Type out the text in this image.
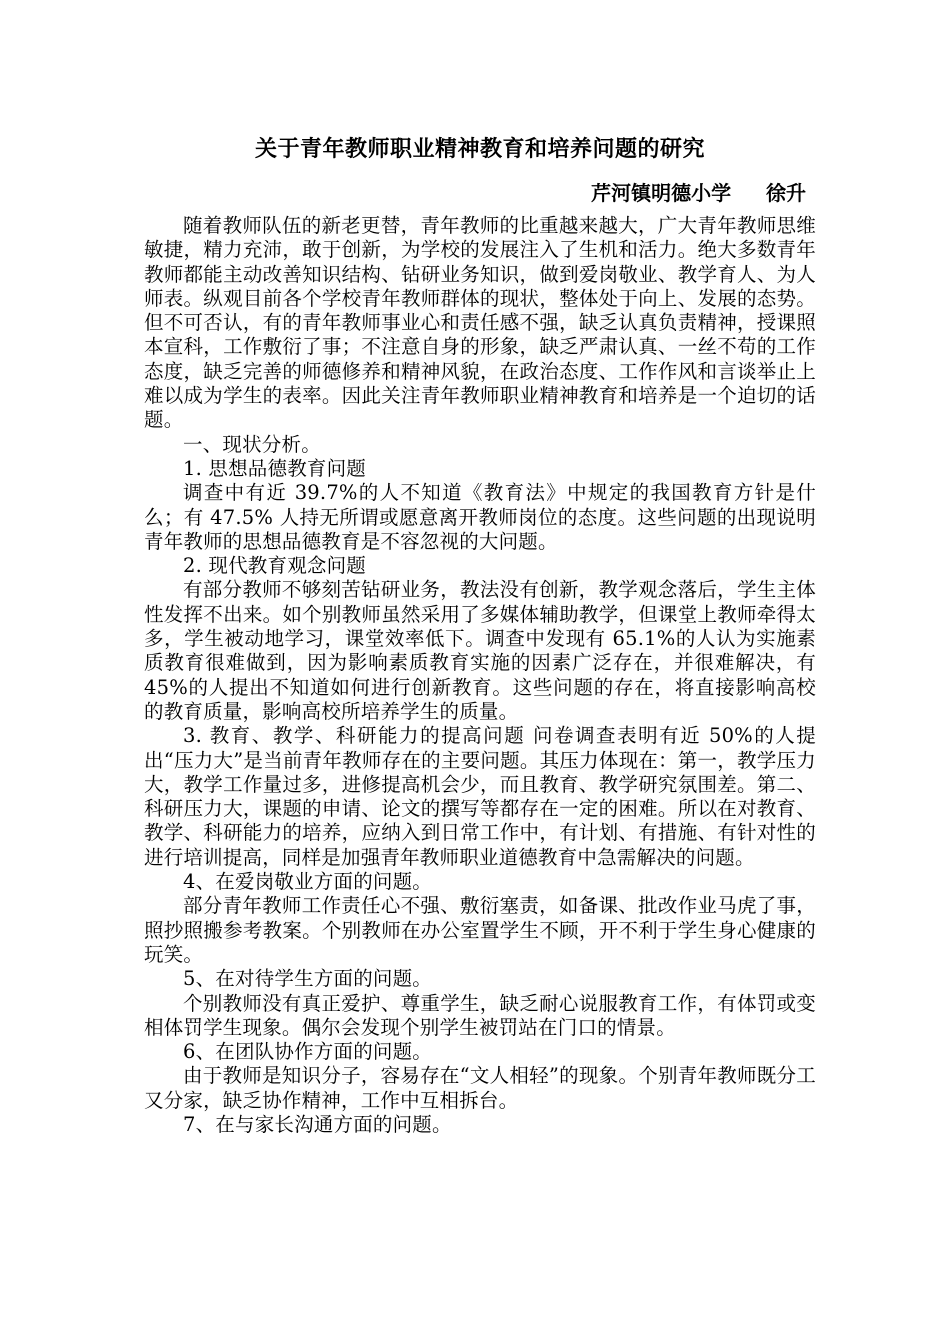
关于青年教师职业精神教育和培养问题的研究
芹河镇明德小学     徐升

随着教师队伍的新老更替，青年教师的比重越来越大，广大青年教师思维敏捷，精力充沛，敢于创新，为学校的发展注入了生机和活力。绝大多数青年教师都能主动改善知识结构、钻研业务知识，做到爱岗敬业、教学育人、为人师表。纵观目前各个学校青年教师群体的现状，整体处于向上、发展的态势。但不可否认，有的青年教师事业心和责任感不强，缺乏认真负责精神，授课照本宣科，工作敷衍了事；不注意自身的形象，缺乏严肃认真、一丝不苟的工作态度，缺乏完善的师德修养和精神风貌，在政治态度、工作作风和言谈举止上难以成为学生的表率。因此关注青年教师职业精神教育和培养是一个迫切的话题。

一、现状分析。

1. 思想品德教育问题

调查中有近 39.7%的人不知道《教育法》中规定的我国教育方针是什么；有 47.5% 人持无所谓或愿意离开教师岗位的态度。这些问题的出现说明青年教师的思想品德教育是不容忽视的大问题。

2. 现代教育观念问题

有部分教师不够刻苦钻研业务，教法没有创新，教学观念落后，学生主体性发挥不出来。如个别教师虽然采用了多媒体辅助教学，但课堂上教师牵得太多，学生被动地学习，课堂效率低下。调查中发现有 65.1%的人认为实施素质教育很难做到，因为影响素质教育实施的因素广泛存在，并很难解决，有 45%的人提出不知道如何进行创新教育。这些问题的存在，将直接影响高校的教育质量，影响高校所培养学生的质量。

3. 教育、教学、科研能力的提高问题 问卷调查表明有近 50%的人提出“压力大”是当前青年教师存在的主要问题。其压力体现在：第一，教学压力大，教学工作量过多，进修提高机会少，而且教育、教学研究氛围差。第二、科研压力大，课题的申请、论文的撰写等都存在一定的困难。所以在对教育、教学、科研能力的培养，应纳入到日常工作中，有计划、有措施、有针对性的进行培训提高，同样是加强青年教师职业道德教育中急需解决的问题。

4、在爱岗敬业方面的问题。

部分青年教师工作责任心不强、敷衍塞责，如备课、批改作业马虎了事，照抄照搬参考教案。个别教师在办公室置学生不顾，开不利于学生身心健康的玩笑。

5、在对待学生方面的问题。

个别教师没有真正爱护、尊重学生，缺乏耐心说服教育工作，有体罚或变相体罚学生现象。偶尔会发现个别学生被罚站在门口的情景。

6、在团队协作方面的问题。

由于教师是知识分子，容易存在“文人相轻”的现象。个别青年教师既分工又分家，缺乏协作精神，工作中互相拆台。

7、在与家长沟通方面的问题。
